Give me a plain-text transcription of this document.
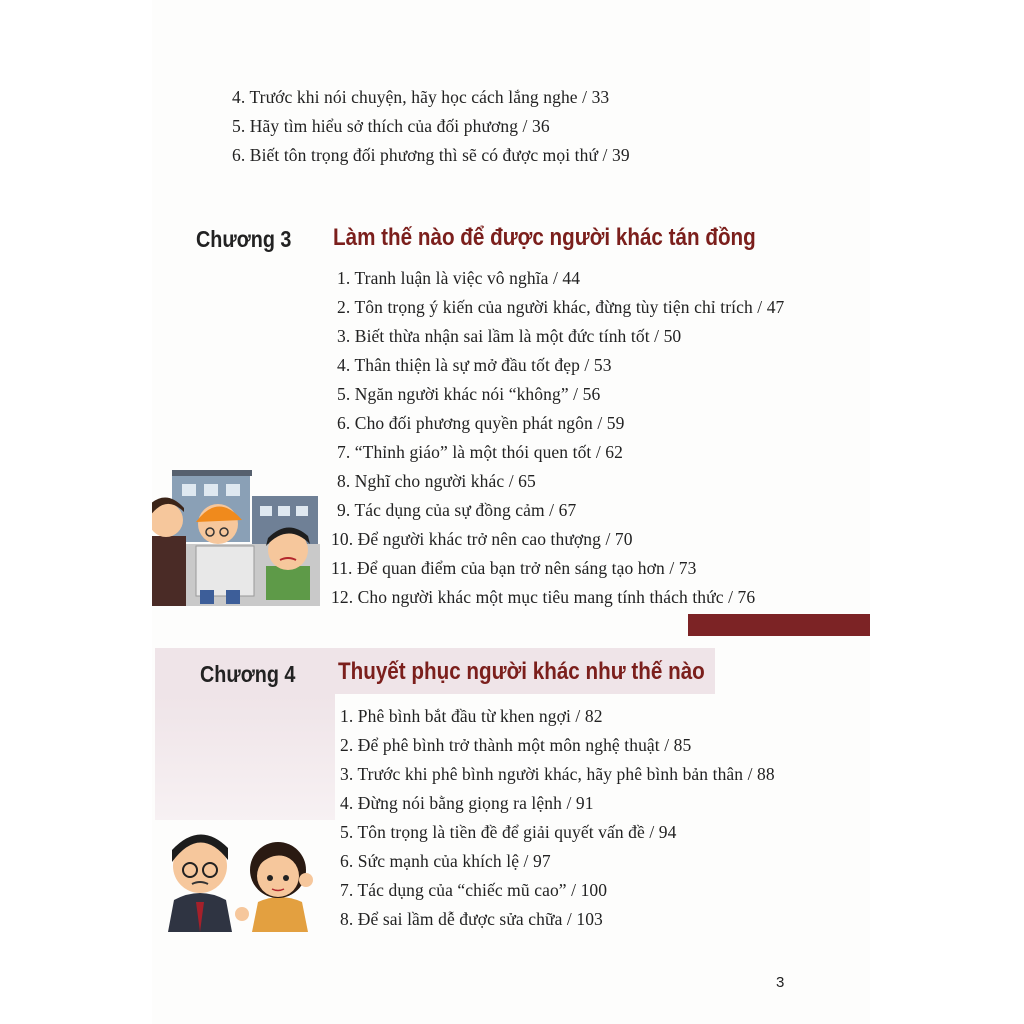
4. Trước khi nói chuyện, hãy học cách lắng nghe / 33
5. Hãy tìm hiểu sở thích của đối phương / 36
6. Biết tôn trọng đối phương thì sẽ có được mọi thứ / 39
Chương 3 Làm thế nào để được người khác tán đồng
1. Tranh luận là việc vô nghĩa / 44
2. Tôn trọng ý kiến của người khác, đừng tùy tiện chỉ trích / 47
3. Biết thừa nhận sai lầm là một đức tính tốt / 50
4. Thân thiện là sự mở đầu tốt đẹp / 53
5. Ngăn người khác nói “không” / 56
6. Cho đối phương quyền phát ngôn / 59
7. “Thỉnh giáo” là một thói quen tốt / 62
8. Nghĩ cho người khác / 65
9. Tác dụng của sự đồng cảm / 67
10. Để người khác trở nên cao thượng / 70
11. Để quan điểm của bạn trở nên sáng tạo hơn / 73
12. Cho người khác một mục tiêu mang tính thách thức / 76
Chương 4 Thuyết phục người khác như thế nào
1. Phê bình bắt đầu từ khen ngợi / 82
2. Để phê bình trở thành một môn nghệ thuật / 85
3. Trước khi phê bình người khác, hãy phê bình bản thân / 88
4. Đừng nói bằng giọng ra lệnh / 91
5. Tôn trọng là tiền đề để giải quyết vấn đề / 94
6. Sức mạnh của khích lệ / 97
7. Tác dụng của “chiếc mũ cao” / 100
8. Để sai lầm dễ được sửa chữa / 103
3
